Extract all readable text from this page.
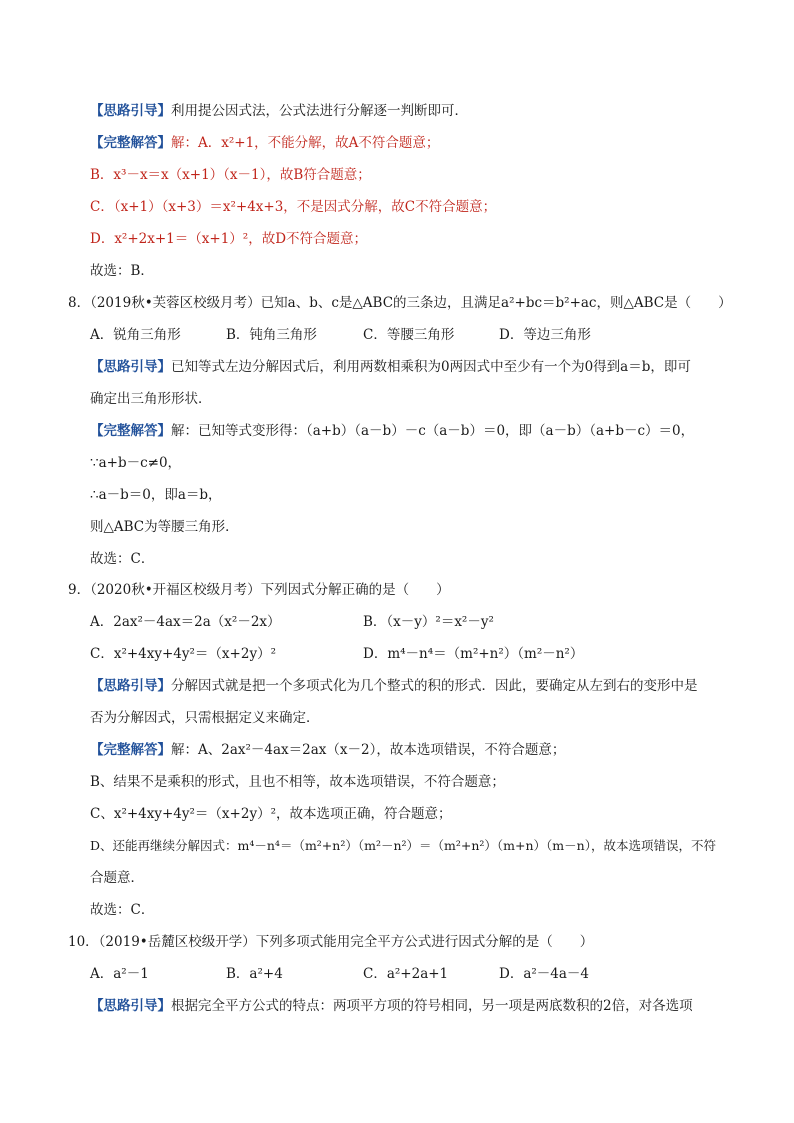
【思路引导】利用提公因式法，公式法进行分解逐一判断即可．
【完整解答】解：A．x²+1，不能分解，故A不符合题意；
B．x³－x＝x（x+1）（x－1），故B符合题意；
C．（x+1）（x+3）＝x²+4x+3，不是因式分解，故C不符合题意；
D．x²+2x+1＝（x+1）²，故D不符合题意；
故选：B．
8．（2019秋•芙蓉区校级月考）已知a、b、c是△ABC的三条边，且满足a²+bc＝b²+ac，则△ABC是（　　）
A．锐角三角形	B．钝角三角形	C．等腰三角形	D．等边三角形
【思路引导】已知等式左边分解因式后，利用两数相乘积为0两因式中至少有一个为0得到a＝b，即可
确定出三角形形状．
【完整解答】解：已知等式变形得：（a+b）（a－b）－c（a－b）＝0，即（a－b）（a+b－c）＝0，
∵a+b－c≠0，
∴a－b＝0，即a＝b，
则△ABC为等腰三角形．
故选：C．
9．（2020秋•开福区校级月考）下列因式分解正确的是（　　）
A．2ax²－4ax＝2a（x²－2x）	B．（x－y）²＝x²－y²
C．x²+4xy+4y²＝（x+2y）²	D．m⁴－n⁴＝（m²+n²）（m²－n²）
【思路引导】分解因式就是把一个多项式化为几个整式的积的形式．因此，要确定从左到右的变形中是
否为分解因式，只需根据定义来确定．
【完整解答】解：A、2ax²－4ax＝2ax（x－2），故本选项错误，不符合题意；
B、结果不是乘积的形式，且也不相等，故本选项错误，不符合题意；
C、x²+4xy+4y²＝（x+2y）²，故本选项正确，符合题意；
D、还能再继续分解因式：m⁴－n⁴＝（m²+n²）（m²－n²）＝（m²+n²）（m+n）（m－n），故本选项错误，不符
合题意．
故选：C．
10．（2019•岳麓区校级开学）下列多项式能用完全平方公式进行因式分解的是（　　）
A．a²－1	B．a²+4	C．a²+2a+1	D．a²－4a－4
【思路引导】根据完全平方公式的特点：两项平方项的符号相同，另一项是两底数积的2倍，对各选项
